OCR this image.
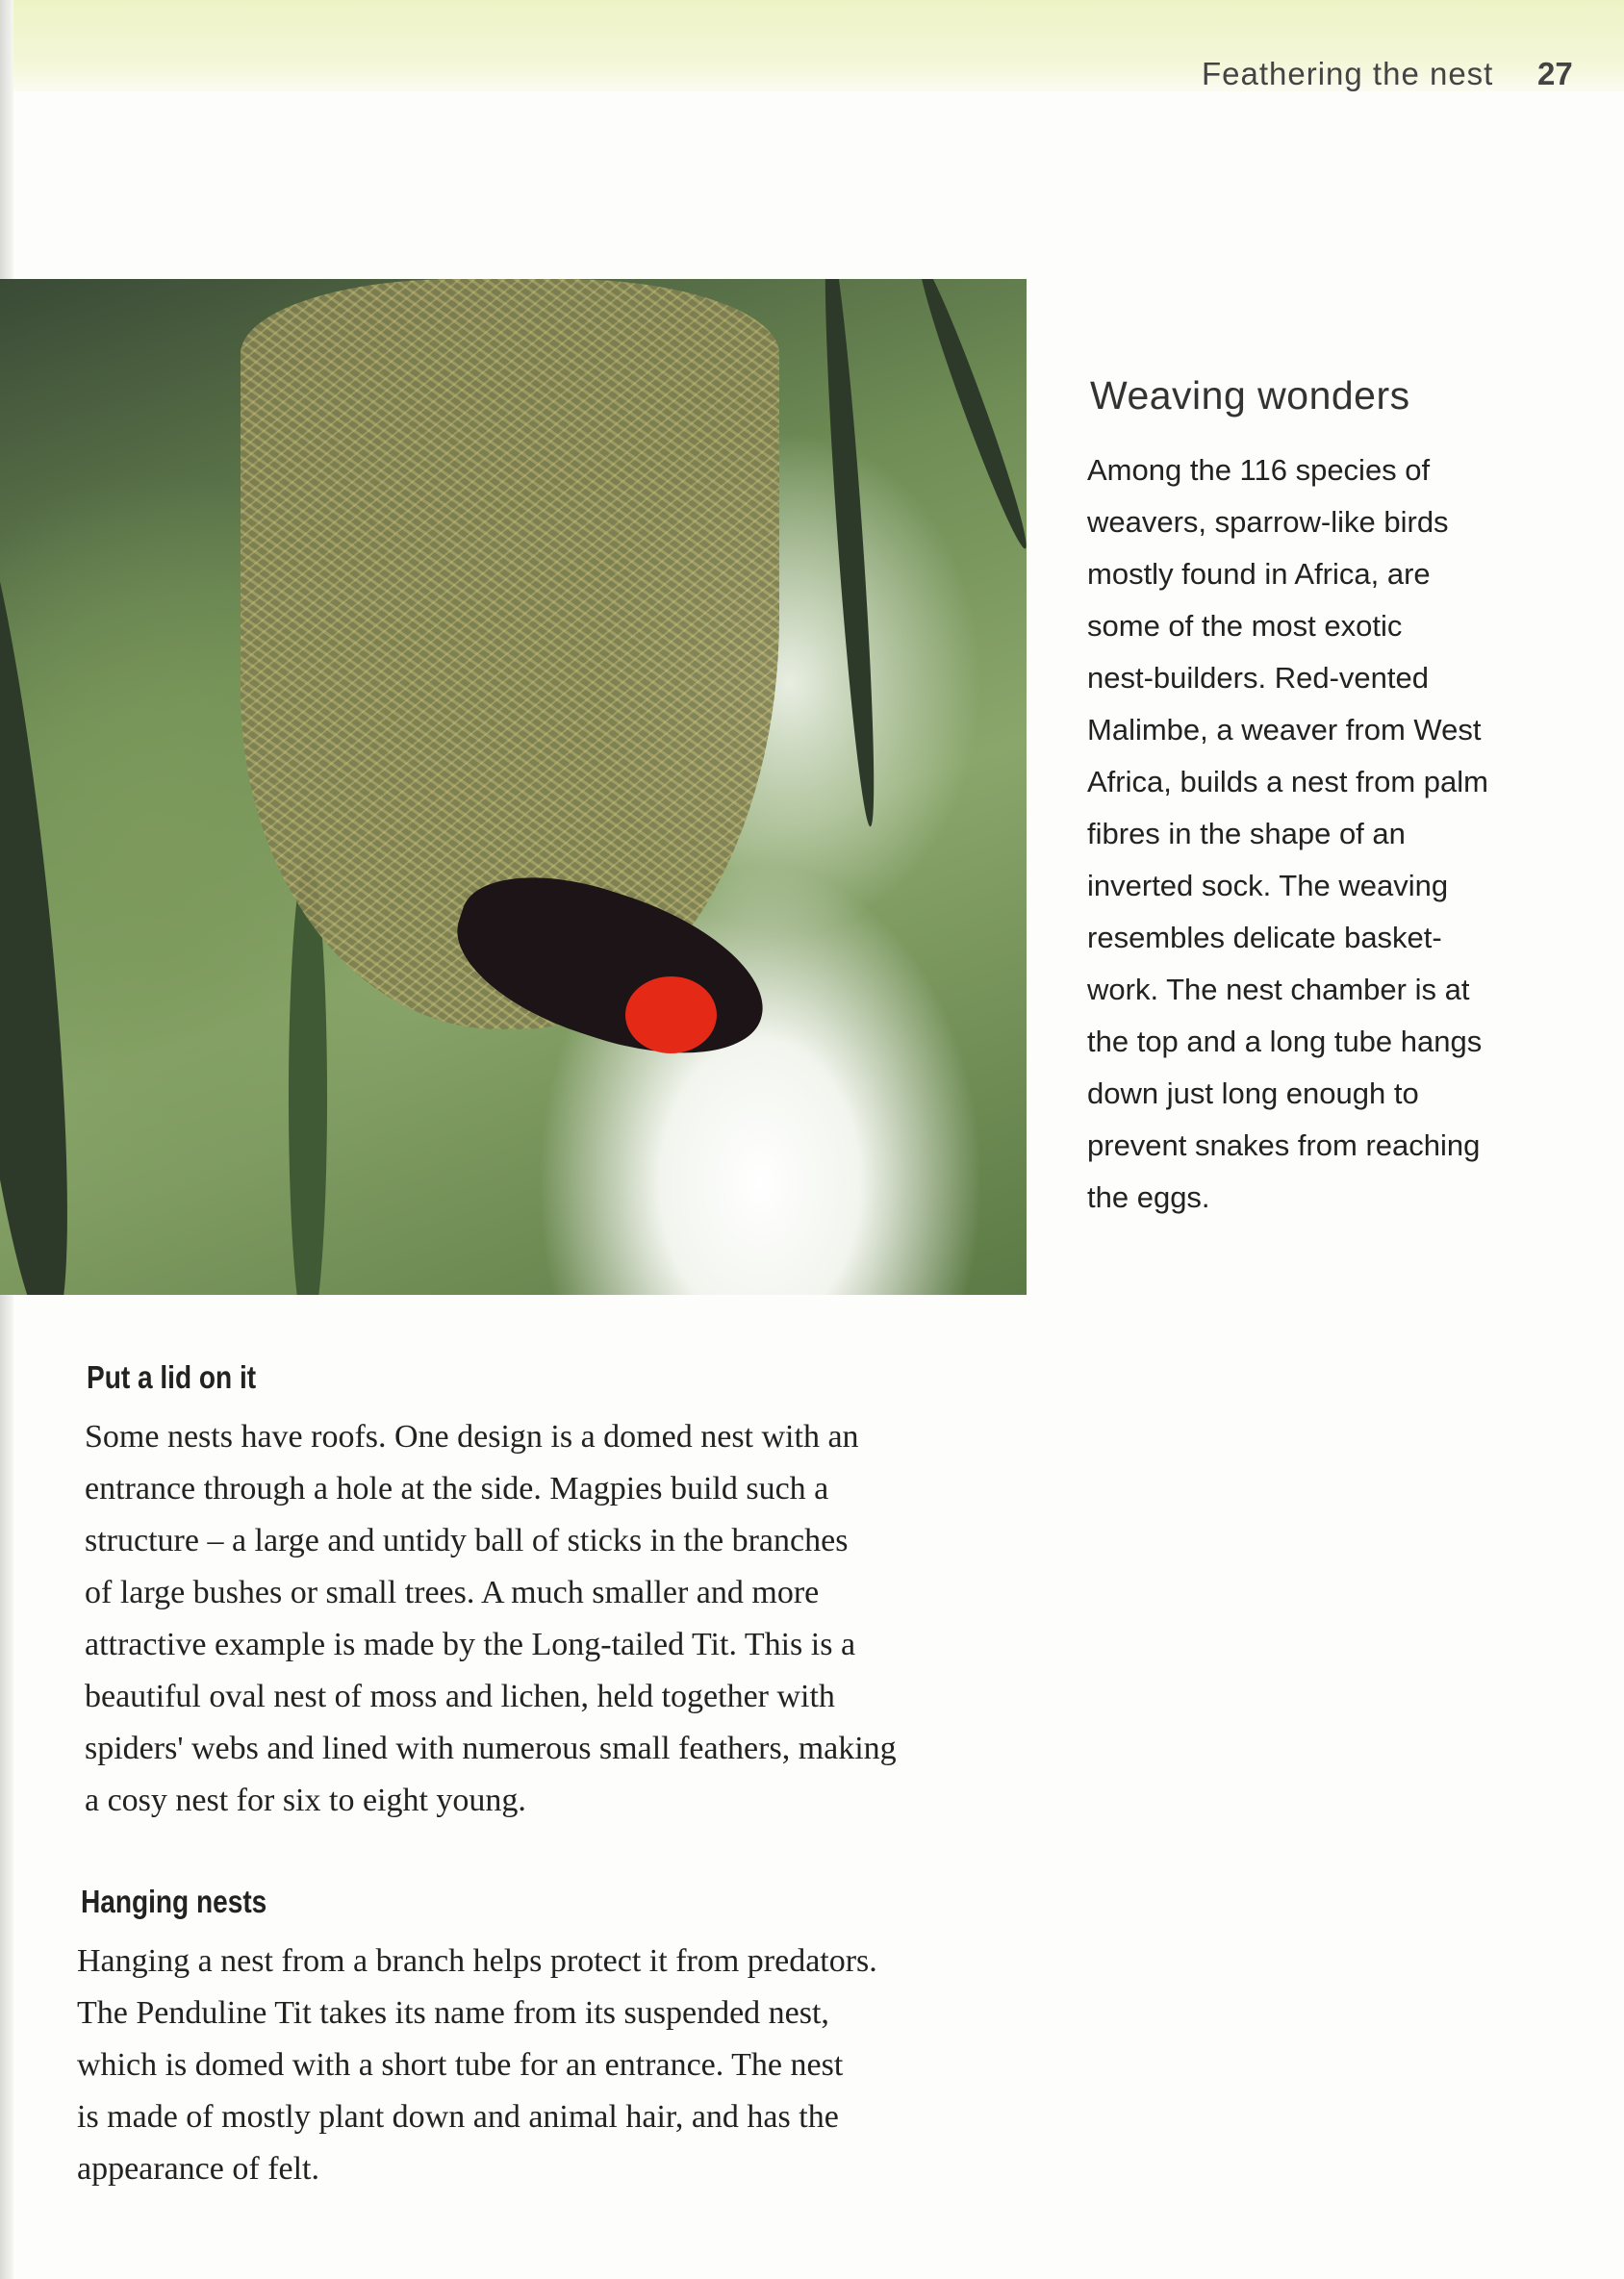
Feathering the nest 27
Weaving wonders
Among the 116 species of
weavers, sparrow-like birds
mostly found in Africa, are
some of the most exotic
nest-builders. Red-vented
Malimbe, a weaver from West
Africa, builds a nest from palm
fibres in the shape of an
inverted sock. The weaving
resembles delicate basket-
work. The nest chamber is at
the top and a long tube hangs
down just long enough to
prevent snakes from reaching
the eggs.
Put a lid on it
Some nests have roofs. One design is a domed nest with an
entrance through a hole at the side. Magpies build such a
structure – a large and untidy ball of sticks in the branches
of large bushes or small trees. A much smaller and more
attractive example is made by the Long-tailed Tit. This is a
beautiful oval nest of moss and lichen, held together with
spiders' webs and lined with numerous small feathers, making
a cosy nest for six to eight young.
Hanging nests
Hanging a nest from a branch helps protect it from predators.
The Penduline Tit takes its name from its suspended nest,
which is domed with a short tube for an entrance. The nest
is made of mostly plant down and animal hair, and has the
appearance of felt.
